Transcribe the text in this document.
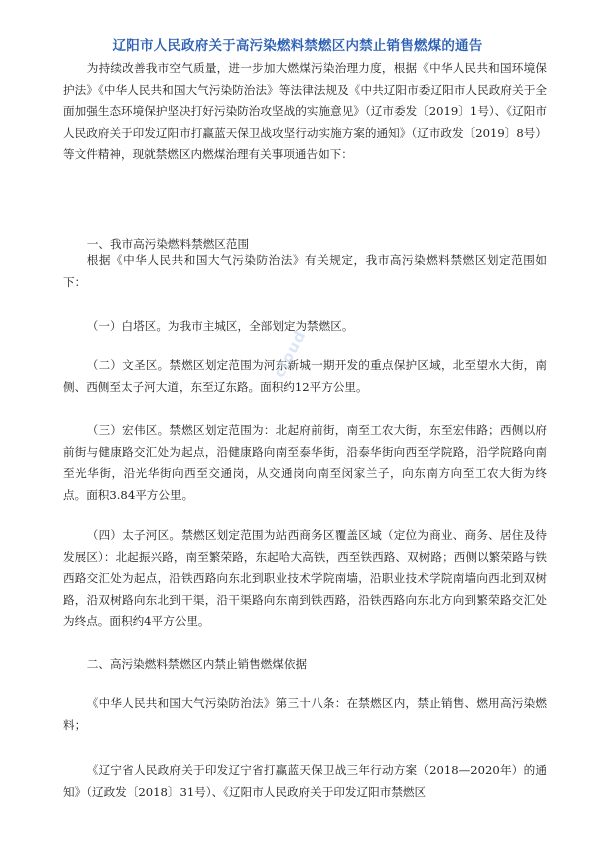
辽阳市人民政府关于高污染燃料禁燃区内禁止销售燃煤的通告

为持续改善我市空气质量，进一步加大燃煤污染治理力度，根据《中华人民共和国环境保护法》《中华人民共和国大气污染防治法》等法律法规及《中共辽阳市委辽阳市人民政府关于全面加强生态环境保护坚决打好污染防治攻坚战的实施意见》（辽市委发〔2019〕1号）、《辽阳市人民政府关于印发辽阳市打赢蓝天保卫战攻坚行动实施方案的通知》（辽市政发〔2019〕8号）等文件精神，现就禁燃区内燃煤治理有关事项通告如下：

一、我市高污染燃料禁燃区范围

根据《中华人民共和国大气污染防治法》有关规定，我市高污染燃料禁燃区划定范围如下：

（一）白塔区。为我市主城区，全部划定为禁燃区。

（二）文圣区。禁燃区划定范围为河东新城一期开发的重点保护区域，北至望水大街，南侧、西侧至太子河大道，东至辽东路。面积约12平方公里。

（三）宏伟区。禁燃区划定范围为：北起府前街，南至工农大街，东至宏伟路；西侧以府前街与健康路交汇处为起点，沿健康路向南至泰华街，沿泰华街向西至学院路，沿学院路向南至光华街，沿光华街向西至交通岗，从交通岗向南至闵家兰子，向东南方向至工农大街为终点。面积3.84平方公里。

（四）太子河区。禁燃区划定范围为站西商务区覆盖区域（定位为商业、商务、居住及待发展区）：北起振兴路，南至繁荣路，东起哈大高铁，西至铁西路、双树路；西侧以繁荣路与铁西路交汇处为起点，沿铁西路向东北到职业技术学院南墙，沿职业技术学院南墙向西北到双树路，沿双树路向东北到干渠，沿干渠路向东南到铁西路，沿铁西路向东北方向到繁荣路交汇处为终点。面积约4平方公里。

二、高污染燃料禁燃区内禁止销售燃煤依据

《中华人民共和国大气污染防治法》第三十八条：在禁燃区内，禁止销售、燃用高污染燃料；

《辽宁省人民政府关于印发辽宁省打赢蓝天保卫战三年行动方案（2018—2020年）的通知》（辽政发〔2018〕31号）、《辽阳市人民政府关于印发辽阳市禁燃区

cloud
